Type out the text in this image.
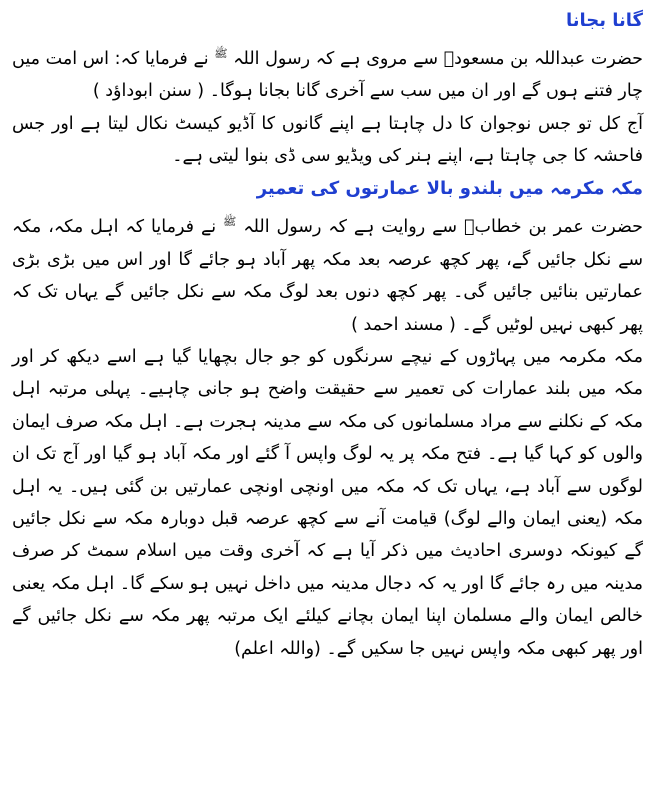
گانا بجانا

حضرت عبداللہ بن مسعودؓ سے مروی ہے کہ رسول اللہ $^ﷺ$ نے فرمایا کہ: اس امت میں چار فتنے ہوں گے اور ان میں سب سے آخری گانا بجانا ہوگا۔ ( سنن ابوداؤد )

آج کل تو جس نوجوان کا دل چاہتا ہے اپنے گانوں کا آڈیو کیسٹ نکال لیتا ہے اور جس فاحشہ کا جی چاہتا ہے، اپنے ہنر کی ویڈیو سی ڈی بنوا لیتی ہے۔

مکہ مکرمہ میں بلندو بالا عمارتوں کی تعمیر

حضرت عمر بن خطابؓ سے روایت ہے کہ رسول اللہ $^ﷺ$ نے فرمایا کہ اہل مکہ، مکہ سے نکل جائیں گے، پھر کچھ عرصہ بعد مکہ پھر آباد ہو جائے گا اور اس میں بڑی بڑی عمارتیں بنائیں جائیں گی۔ پھر کچھ دنوں بعد لوگ مکہ سے نکل جائیں گے یہاں تک کہ پھر کبھی نہیں لوٹیں گے۔ ( مسند احمد )

مکہ مکرمہ میں پہاڑوں کے نیچے سرنگوں کو جو جال بچھایا گیا ہے اسے دیکھ کر اور مکہ میں بلند عمارات کی تعمیر سے حقیقت واضح ہو جانی چاہیے۔ پہلی مرتبہ اہل مکہ کے نکلنے سے مراد مسلمانوں کی مکہ سے مدینہ ہجرت ہے۔ اہل مکہ صرف ایمان والوں کو کہا گیا ہے۔ فتح مکہ پر یہ لوگ واپس آ گئے اور مکہ آباد ہو گیا اور آج تک ان لوگوں سے آباد ہے، یہاں تک کہ مکہ میں اونچی اونچی عمارتیں بن گئی ہیں۔ یہ اہل مکہ (یعنی ایمان والے لوگ) قیامت آنے سے کچھ عرصہ قبل دوبارہ مکہ سے نکل جائیں گے کیونکہ دوسری احادیث میں ذکر آیا ہے کہ آخری وقت میں اسلام سمٹ کر صرف مدینہ میں رہ جائے گا اور یہ کہ دجال مدینہ میں داخل نہیں ہو سکے گا۔ اہل مکہ یعنی خالص ایمان والے مسلمان اپنا ایمان بچانے کیلئے ایک مرتبہ پھر مکہ سے نکل جائیں گے اور پھر کبھی مکہ واپس نہیں جا سکیں گے۔ (واللہ اعلم)
